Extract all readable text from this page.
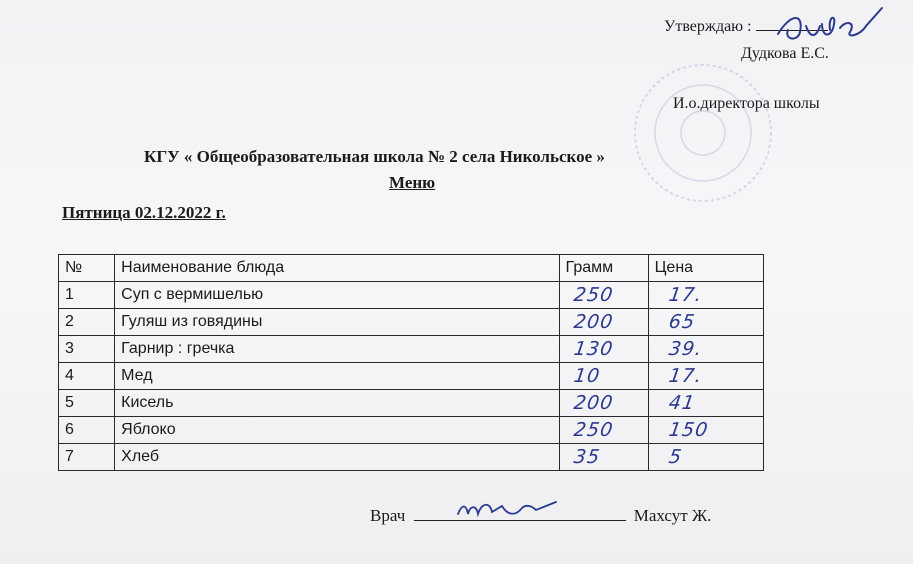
Утверждаю :
Дудкова Е.С.
И.о.директора школы
КГУ « Общеобразовательная школа № 2 села Никольское »
Меню
Пятница 02.12.2022 г.
№	Наименование блюда	Грамм	Цена
1	Суп с вермишелью	250	17.
2	Гуляш из говядины	200	65
3	Гарнир : гречка	130	39.
4	Мед	10	17.
5	Кисель	200	41
6	Яблоко	250	150
7	Хлеб	35	5
Врач	Махсут Ж.
